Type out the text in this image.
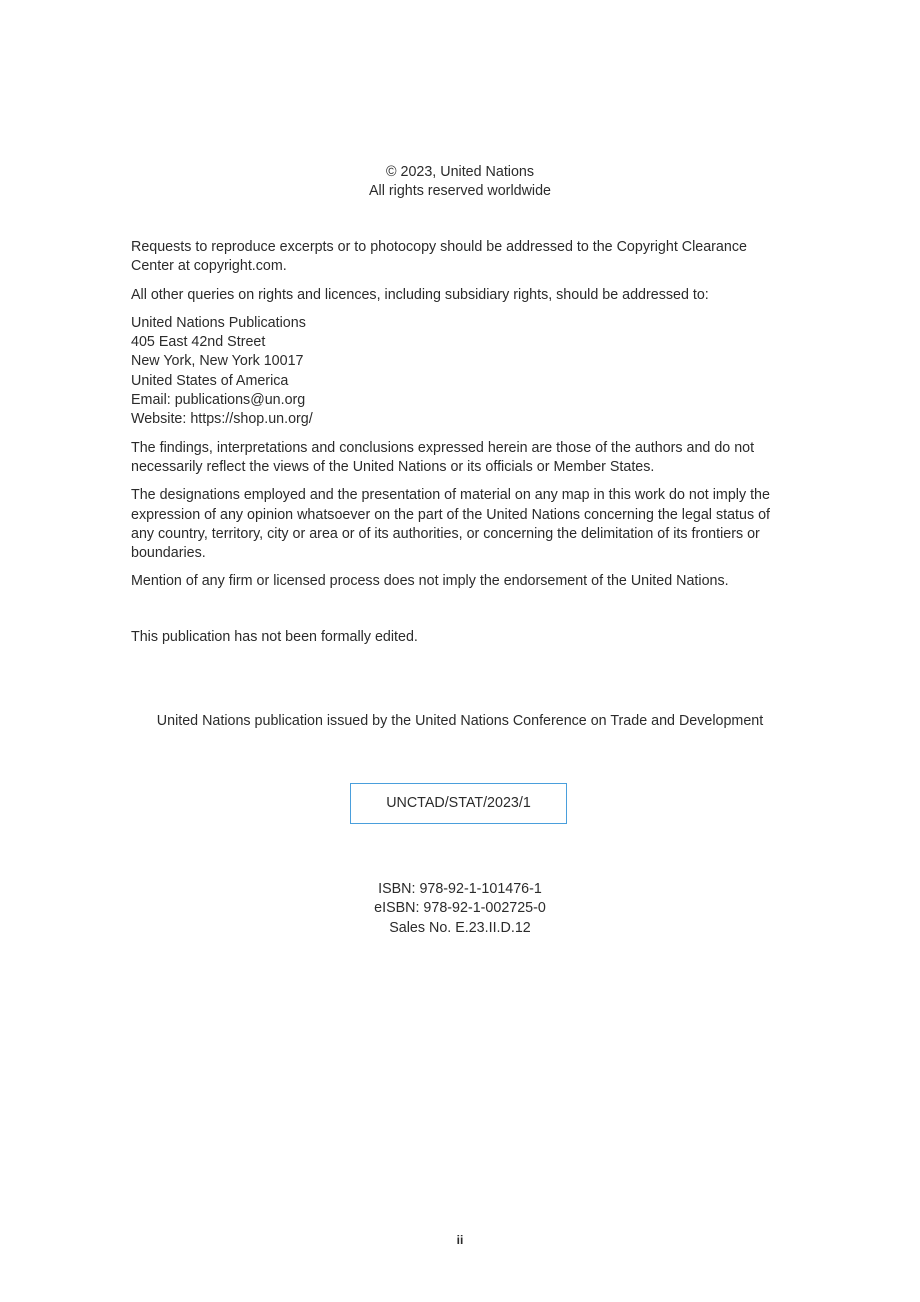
© 2023, United Nations
All rights reserved worldwide

Requests to reproduce excerpts or to photocopy should be addressed to the Copyright Clearance Center at copyright.com.

All other queries on rights and licences, including subsidiary rights, should be addressed to:

United Nations Publications
405 East 42nd Street
New York, New York 10017
United States of America
Email: publications@un.org
Website: https://shop.un.org/

The findings, interpretations and conclusions expressed herein are those of the authors and do not necessarily reflect the views of the United Nations or its officials or Member States.

The designations employed and the presentation of material on any map in this work do not imply the expression of any opinion whatsoever on the part of the United Nations concerning the legal status of any country, territory, city or area or of its authorities, or concerning the delimitation of its frontiers or boundaries.

Mention of any firm or licensed process does not imply the endorsement of the United Nations.

This publication has not been formally edited.
United Nations publication issued by the United Nations Conference on Trade and Development
UNCTAD/STAT/2023/1
ISBN: 978-92-1-101476-1
eISBN: 978-92-1-002725-0
Sales No. E.23.II.D.12
ii
